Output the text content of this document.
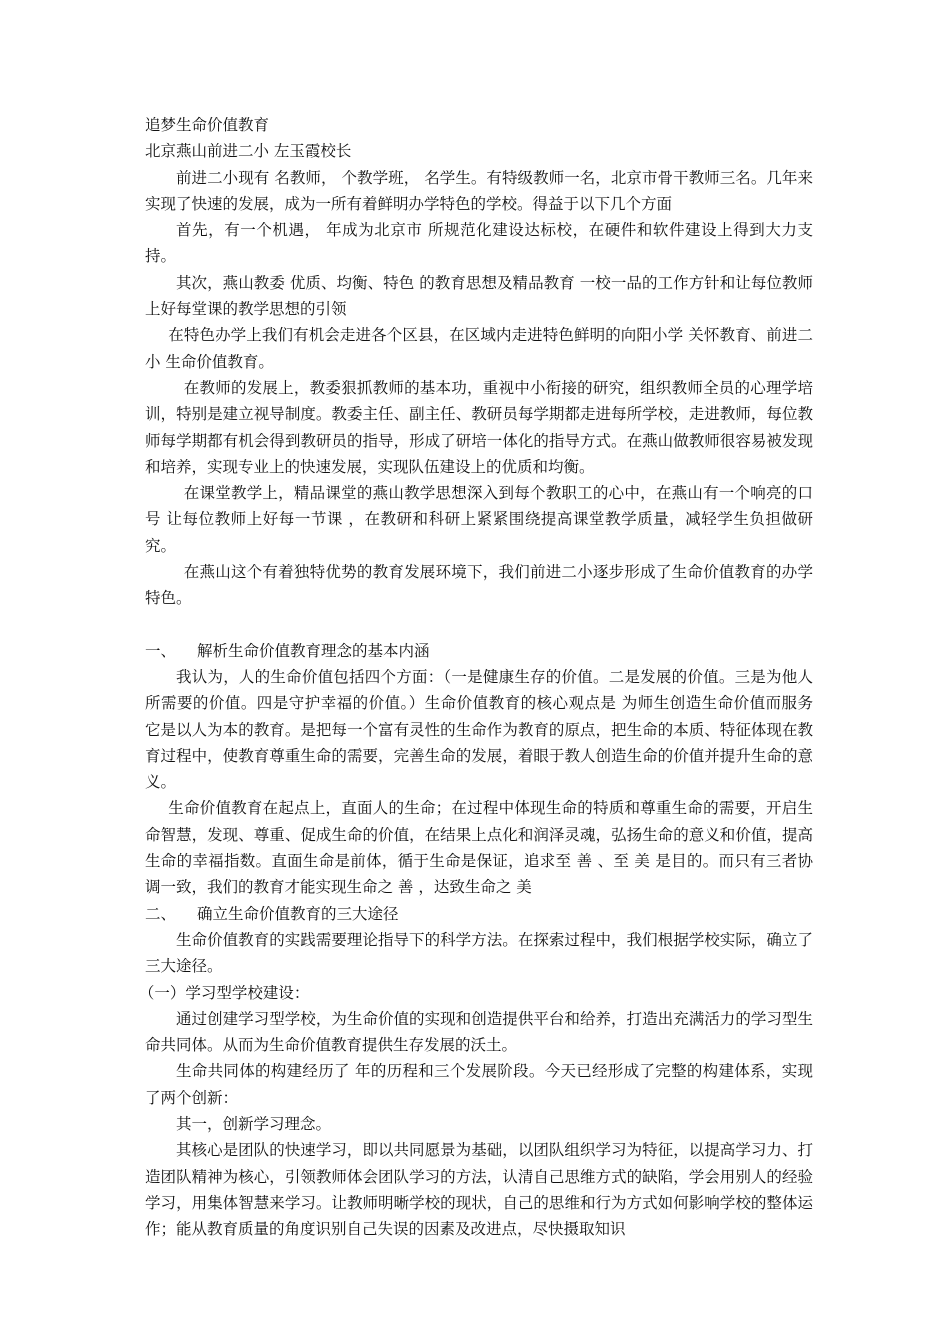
追梦生命价值教育

北京燕山前进二小 左玉霞校长

前进二小现有 名教师， 个教学班， 名学生。有特级教师一名，北京市骨干教师三名。几年来实现了快速的发展，成为一所有着鲜明办学特色的学校。得益于以下几个方面

首先，有一个机遇， 年成为北京市 所规范化建设达标校，在硬件和软件建设上得到大力支持。

其次，燕山教委 优质、均衡、特色 的教育思想及精品教育 一校一品的工作方针和让每位教师上好每堂课的教学思想的引领

在特色办学上我们有机会走进各个区县，在区域内走进特色鲜明的向阳小学 关怀教育、前进二小 生命价值教育。

在教师的发展上，教委狠抓教师的基本功，重视中小衔接的研究，组织教师全员的心理学培训，特别是建立视导制度。教委主任、副主任、教研员每学期都走进每所学校，走进教师，每位教师每学期都有机会得到教研员的指导，形成了研培一体化的指导方式。在燕山做教师很容易被发现和培养，实现专业上的快速发展，实现队伍建设上的优质和均衡。

在课堂教学上，精品课堂的燕山教学思想深入到每个教职工的心中，在燕山有一个响亮的口号 让每位教师上好每一节课 ，在教研和科研上紧紧围绕提高课堂教学质量，减轻学生负担做研究。

在燕山这个有着独特优势的教育发展环境下，我们前进二小逐步形成了生命价值教育的办学特色。

一、 解析生命价值教育理念的基本内涵

我认为，人的生命价值包括四个方面：（一是健康生存的价值。二是发展的价值。三是为他人所需要的价值。四是守护幸福的价值。）生命价值教育的核心观点是 为师生创造生命价值而服务 它是以人为本的教育。是把每一个富有灵性的生命作为教育的原点，把生命的本质、特征体现在教育过程中，使教育尊重生命的需要，完善生命的发展，着眼于教人创造生命的价值并提升生命的意义。

生命价值教育在起点上，直面人的生命；在过程中体现生命的特质和尊重生命的需要，开启生命智慧，发现、尊重、促成生命的价值，在结果上点化和润泽灵魂，弘扬生命的意义和价值，提高生命的幸福指数。直面生命是前体，循于生命是保证，追求至 善 、至 美 是目的。而只有三者协调一致，我们的教育才能实现生命之 善 ，达致生命之 美

二、 确立生命价值教育的三大途径

生命价值教育的实践需要理论指导下的科学方法。在探索过程中，我们根据学校实际，确立了三大途径。

（一）学习型学校建设：

通过创建学习型学校，为生命价值的实现和创造提供平台和给养，打造出充满活力的学习型生命共同体。从而为生命价值教育提供生存发展的沃土。

生命共同体的构建经历了 年的历程和三个发展阶段。今天已经形成了完整的构建体系，实现了两个创新：

其一，创新学习理念。

其核心是团队的快速学习，即以共同愿景为基础，以团队组织学习为特征，以提高学习力、打造团队精神为核心，引领教师体会团队学习的方法，认清自己思维方式的缺陷，学会用别人的经验学习，用集体智慧来学习。让教师明晰学校的现状，自己的思维和行为方式如何影响学校的整体运作；能从教育质量的角度识别自己失误的因素及改进点，尽快摄取知识
